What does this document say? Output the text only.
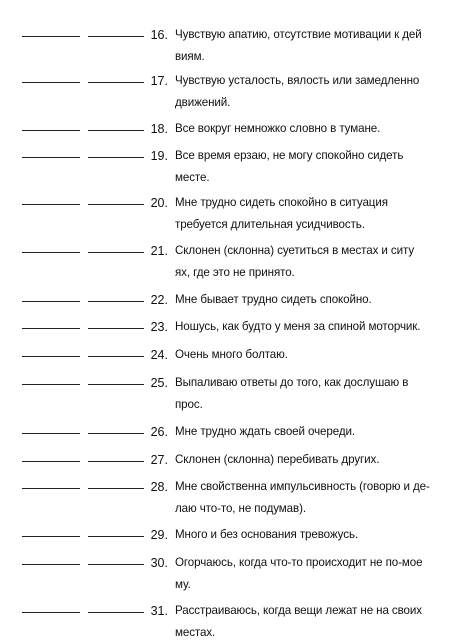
16. Чувствую апатию, отсутствие мотивации к дей
виям.
17. Чувствую усталость, вялость или замедленно
движений.
18. Все вокруг немножко словно в тумане.
19. Все время ерзаю, не могу спокойно сидеть
месте.
20. Мне трудно сидеть спокойно в ситуация
требуется длительная усидчивость.
21. Склонен (склонна) суетиться в местах и ситу
ях, где это не принято.
22. Мне бывает трудно сидеть спокойно.
23. Ношусь, как будто у меня за спиной моторчик.
24. Очень много болтаю.
25. Выпаливаю ответы до того, как дослушаю в
прос.
26. Мне трудно ждать своей очереди.
27. Склонен (склонна) перебивать других.
28. Мне свойственна импульсивность (говорю и де-
лаю что-то, не подумав).
29. Много и без основания тревожусь.
30. Огорчаюсь, когда что-то происходит не по-мое
му.
31. Расстраиваюсь, когда вещи лежат не на своих
местах.
